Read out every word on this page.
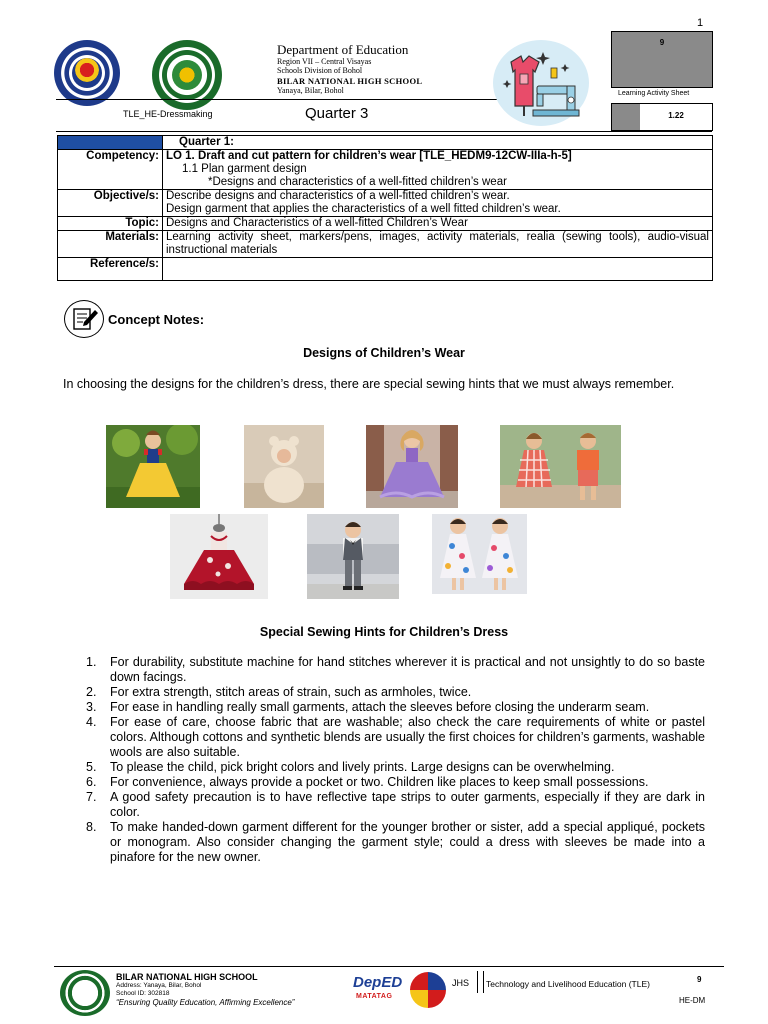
1
Department of Education
Region VII – Central Visayas
Schools Division of Bohol
BILAR NATIONAL HIGH SCHOOL
Yanaya, Bilar, Bohol
TLE_HE-Dressmaking	Quarter 3
9
Learning Activity Sheet
1.22
	Quarter 1:
Competency:	LO 1. Draft and cut pattern for children’s wear [TLE_HEDM9-12CW-IIIa-h-5]
1.1 Plan garment design
*Designs and characteristics of a well-fitted children’s wear

Objective/s:	Describe designs and characteristics of a well-fitted children’s wear.
Design garment that applies the characteristics of a well fitted children’s wear.

Topic:	Designs and Characteristics of a well-fitted Children’s Wear
Materials:	Learning activity sheet, markers/pens, images, activity materials, realia (sewing tools), audio-visual instructional materials
Reference/s:	
Concept Notes:
Designs of Children’s Wear
In choosing the designs for the children’s dress, there are special sewing hints that we must always remember.
Special Sewing Hints for Children’s Dress
1. For durability, substitute machine for hand stitches wherever it is practical and not unsightly to do so baste down facings.
2. For extra strength, stitch areas of strain, such as armholes, twice.
3. For ease in handling really small garments, attach the sleeves before closing the underarm seam.
4. For ease of care, choose fabric that are washable; also check the care requirements of white or pastel colors. Although cottons and synthetic blends are usually the first choices for children’s garments, washable wools are also suitable.
5. To please the child, pick bright colors and lively prints. Large designs can be overwhelming.
6. For convenience, always provide a pocket or two. Children like places to keep small possessions.
7. A good safety precaution is to have reflective tape strips to outer garments, especially if they are dark in color.
8. To make handed-down garment different for the younger brother or sister, add a special appliqué, pockets or monogram. Also consider changing the garment style; could a dress with sleeves be made into a pinafore for the new owner.
BILAR NATIONAL HIGH SCHOOL
Address: Yanaya, Bilar, Bohol
School ID: 302818
“Ensuring Quality Education, Affirming Excellence”
DepED
MATATAG
JHS Technology and Livelihood Education (TLE)	9
HE-DM
